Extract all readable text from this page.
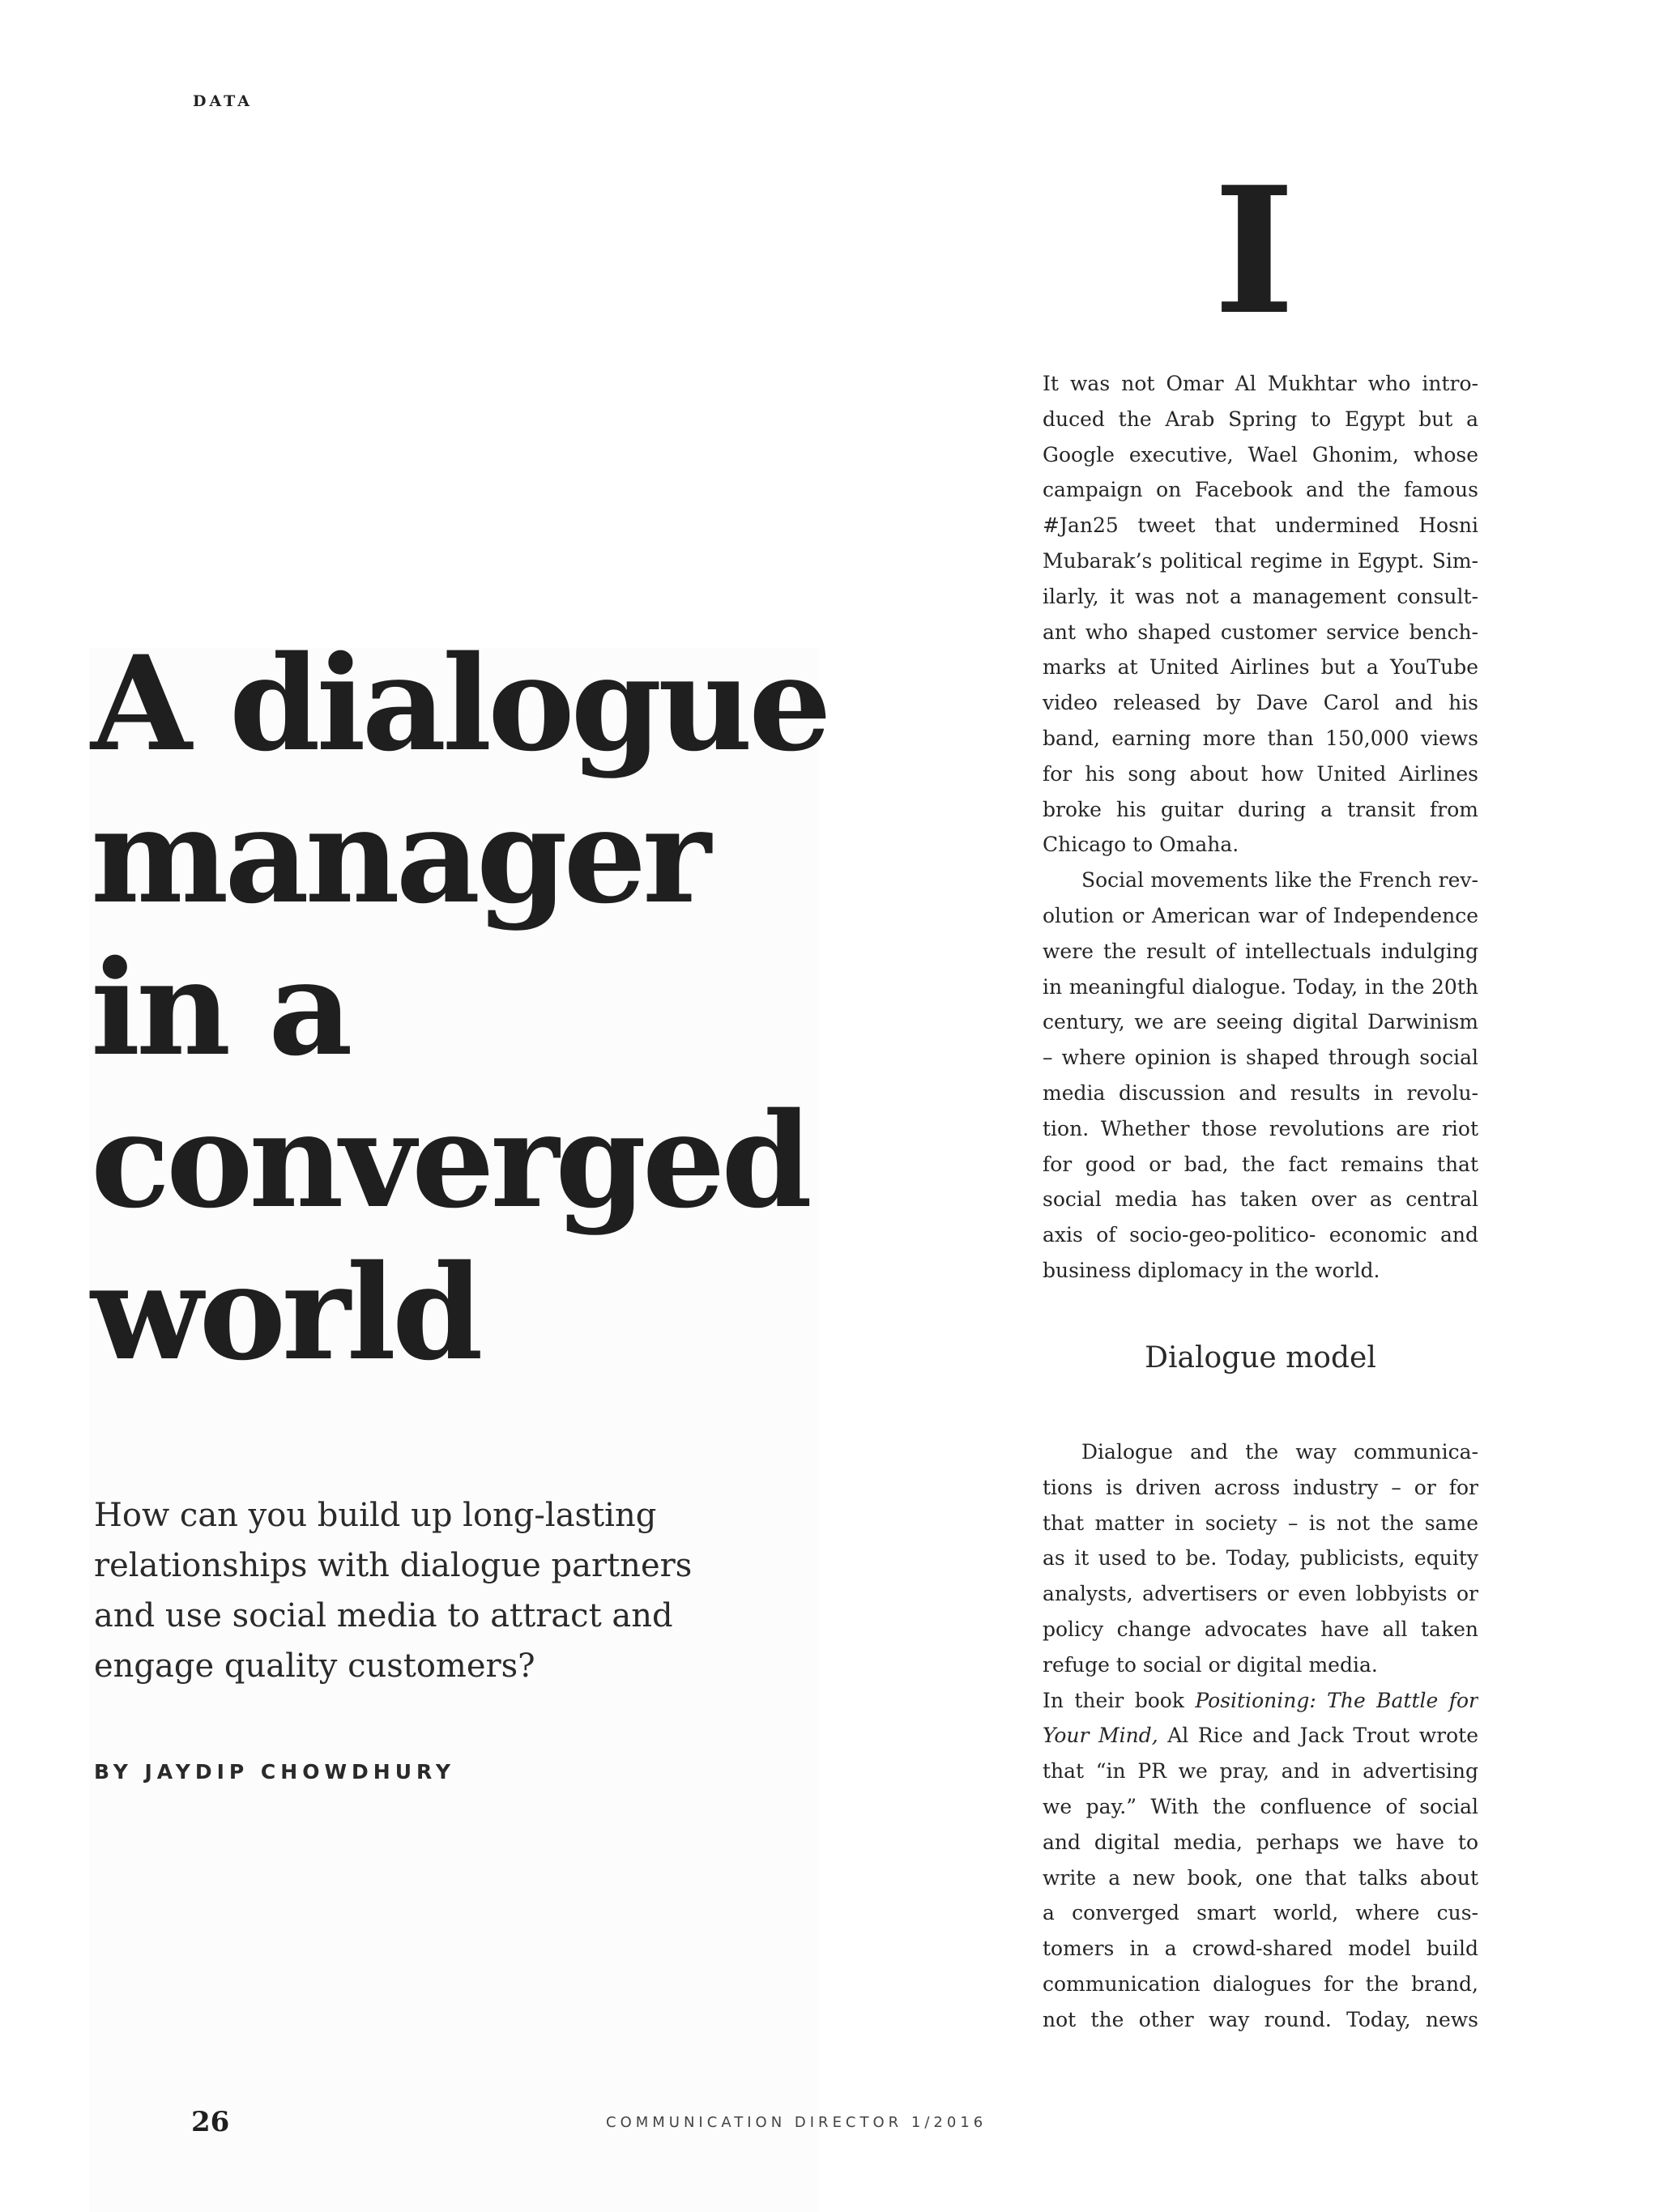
DATA
A dialogue
manager
in a
converged
world

How can you build up long-lasting
relationships with dialogue partners
and use social media to attract and
engage quality customers?

BY JAYDIP CHOWDHURY
I
It was not Omar Al Mukhtar who intro-
duced the Arab Spring to Egypt but a
Google executive, Wael Ghonim, whose
campaign on Facebook and the famous
#Jan25 tweet that undermined Hosni
Mubarak’s political regime in Egypt. Sim-
ilarly, it was not a management consult-
ant who shaped customer service bench-
marks at United Airlines but a YouTube
video released by Dave Carol and his
band, earning more than 150,000 views
for his song about how United Airlines
broke his guitar during a transit from
Chicago to Omaha.
Social movements like the French rev-
olution or American war of Independence
were the result of intellectuals indulging
in meaningful dialogue. Today, in the 20th
century, we are seeing digital Darwinism
– where opinion is shaped through social
media discussion and results in revolu-
tion. Whether those revolutions are riot
for good or bad, the fact remains that
social media has taken over as central
axis of socio-geo-politico- economic and
business diplomacy in the world.
Dialogue model
Dialogue and the way communica-
tions is driven across industry – or for
that matter in society – is not the same
as it used to be. Today, publicists, equity
analysts, advertisers or even lobbyists or
policy change advocates have all taken
refuge to social or digital media.
In their book Positioning: The Battle for
Your Mind, Al Rice and Jack Trout wrote
that “in PR we pray, and in advertising
we pay.” With the confluence of social
and digital media, perhaps we have to
write a new book, one that talks about
a converged smart world, where cus-
tomers in a crowd-shared model build
communication dialogues for the brand,
not the other way round. Today, news
26	COMMUNICATION DIRECTOR 1/2016
